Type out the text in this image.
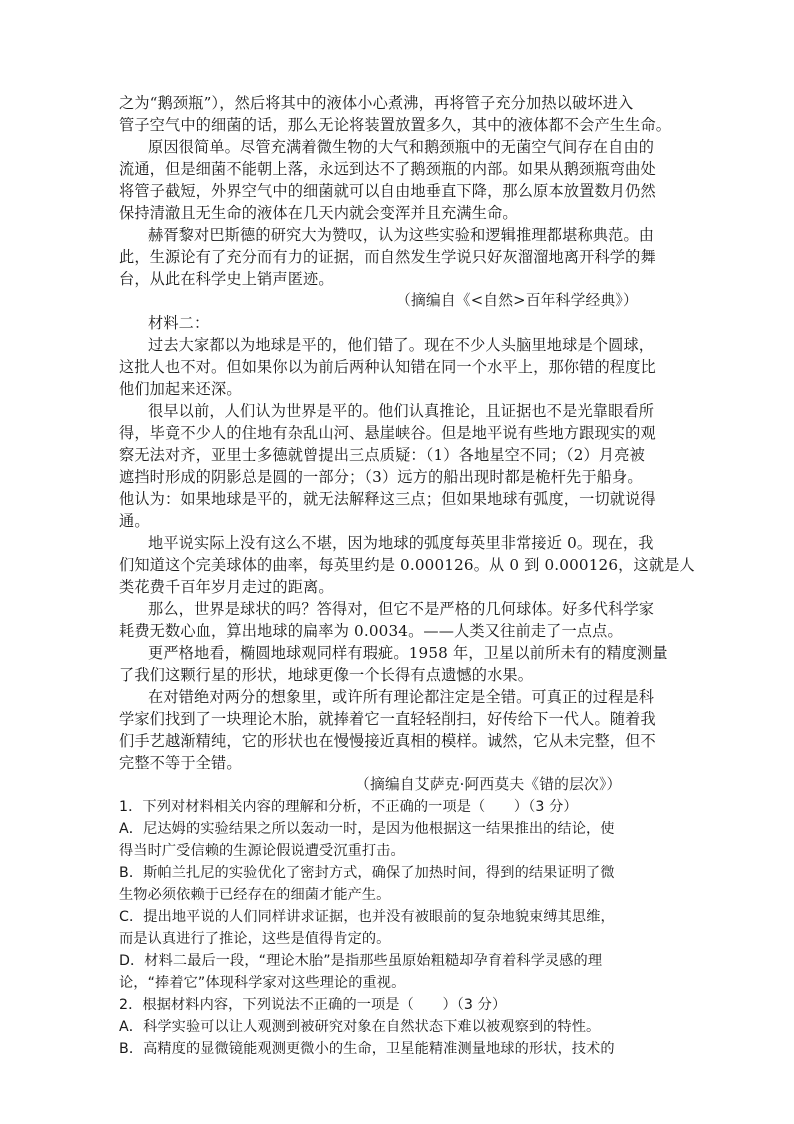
之为“鹅颈瓶”），然后将其中的液体小心煮沸，再将管子充分加热以破坏进入

管子空气中的细菌的话，那么无论将装置放置多久，其中的液体都不会产生生命。

原因很简单。尽管充满着微生物的大气和鹅颈瓶中的无菌空气间存在自由的

流通，但是细菌不能朝上落，永远到达不了鹅颈瓶的内部。如果从鹅颈瓶弯曲处

将管子截短，外界空气中的细菌就可以自由地垂直下降，那么原本放置数月仍然

保持清澈且无生命的液体在几天内就会变浑并且充满生命。

赫胥黎对巴斯德的研究大为赞叹，认为这些实验和逻辑推理都堪称典范。由

此，生源论有了充分而有力的证据，而自然发生学说只好灰溜溜地离开科学的舞

台，从此在科学史上销声匿迹。

（摘编自《<自然>百年科学经典》）

材料二：

过去大家都以为地球是平的，他们错了。现在不少人头脑里地球是个圆球，

这批人也不对。但如果你以为前后两种认知错在同一个水平上，那你错的程度比

他们加起来还深。

很早以前，人们认为世界是平的。他们认真推论，且证据也不是光靠眼看所

得，毕竟不少人的住地有杂乱山河、悬崖峡谷。但是地平说有些地方跟现实的观

察无法对齐，亚里士多德就曾提出三点质疑：（1）各地星空不同；（2）月亮被

遮挡时形成的阴影总是圆的一部分；（3）远方的船出现时都是桅杆先于船身。

他认为：如果地球是平的，就无法解释这三点；但如果地球有弧度，一切就说得

通。

地平说实际上没有这么不堪，因为地球的弧度每英里非常接近 0。现在，我

们知道这个完美球体的曲率，每英里约是 0.000126。从 0 到 0.000126，这就是人

类花费千百年岁月走过的距离。

那么，世界是球状的吗？答得对，但它不是严格的几何球体。好多代科学家

耗费无数心血，算出地球的扁率为 0.0034。——人类又往前走了一点点。

更严格地看，椭圆地球观同样有瑕疵。1958 年，卫星以前所未有的精度测量

了我们这颗行星的形状，地球更像一个长得有点遗憾的水果。

在对错绝对两分的想象里，或许所有理论都注定是全错。可真正的过程是科

学家们找到了一块理论木胎，就捧着它一直轻轻削扫，好传给下一代人。随着我

们手艺越渐精纯，它的形状也在慢慢接近真相的模样。诚然，它从未完整，但不

完整不等于全错。

（摘编自艾萨克·阿西莫夫《错的层次》）

1．下列对材料相关内容的理解和分析，不正确的一项是（　　）（3 分）

A．尼达姆的实验结果之所以轰动一时，是因为他根据这一结果推出的结论，使

得当时广受信赖的生源论假说遭受沉重打击。

B．斯帕兰扎尼的实验优化了密封方式，确保了加热时间，得到的结果证明了微

生物必须依赖于已经存在的细菌才能产生。

C．提出地平说的人们同样讲求证据，也并没有被眼前的复杂地貌束缚其思维，

而是认真进行了推论，这些是值得肯定的。

D．材料二最后一段，“理论木胎”是指那些虽原始粗糙却孕育着科学灵感的理

论，“捧着它”体现科学家对这些理论的重视。

2．根据材料内容，下列说法不正确的一项是（　　）（3 分）

A．科学实验可以让人观测到被研究对象在自然状态下难以被观察到的特性。

B．高精度的显微镜能观测更微小的生命，卫星能精准测量地球的形状，技术的
